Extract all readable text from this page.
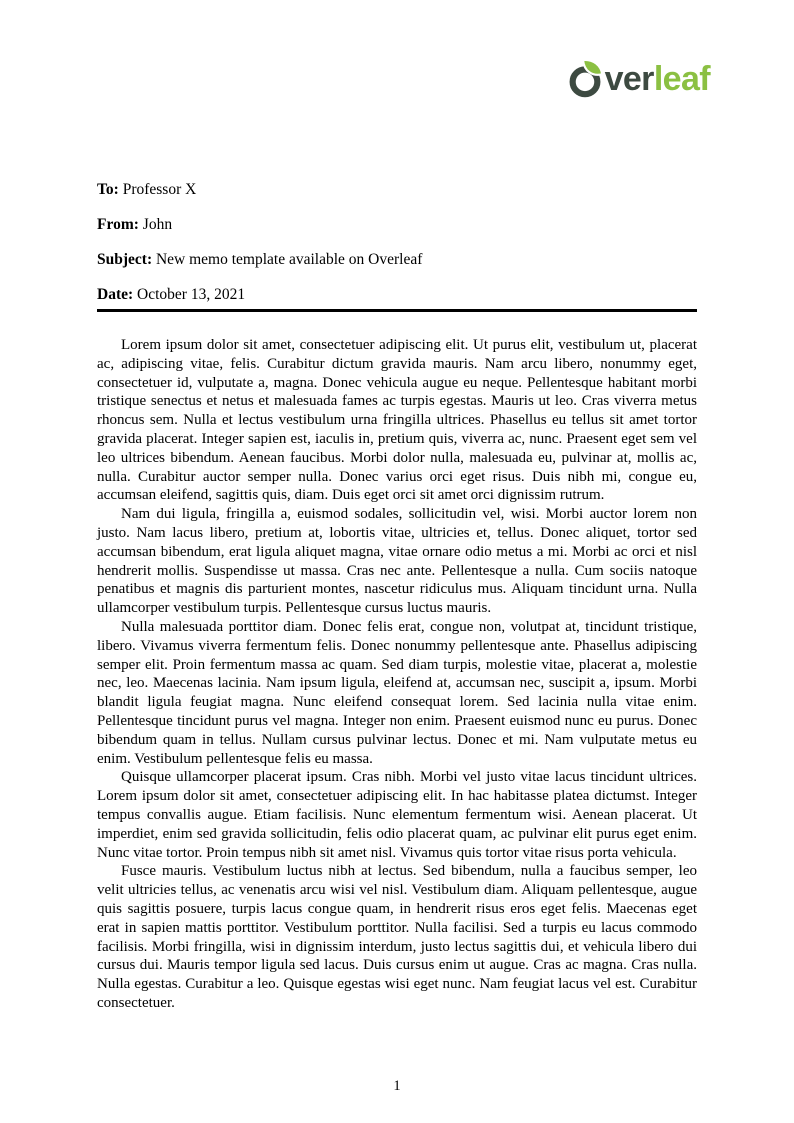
ver leaf

To: Professor X

From: John

Subject: New memo template available on Overleaf

Date: October 13, 2021

Lorem ipsum dolor sit amet, consectetuer adipiscing elit. Ut purus elit, vestibulum ut, placerat ac, adipiscing vitae, felis. Curabitur dictum gravida mauris. Nam arcu libero, nonummy eget, consectetuer id, vulputate a, magna. Donec vehicula augue eu neque. Pellentesque habitant morbi tristique senectus et netus et malesuada fames ac turpis egestas. Mauris ut leo. Cras viverra metus rhoncus sem. Nulla et lectus vestibulum urna fringilla ultrices. Phasellus eu tellus sit amet tortor gravida placerat. Integer sapien est, iaculis in, pretium quis, viverra ac, nunc. Praesent eget sem vel leo ultrices bibendum. Aenean faucibus. Morbi dolor nulla, malesuada eu, pulvinar at, mollis ac, nulla. Curabitur auctor semper nulla. Donec varius orci eget risus. Duis nibh mi, congue eu, accumsan eleifend, sagittis quis, diam. Duis eget orci sit amet orci dignissim rutrum.

Nam dui ligula, fringilla a, euismod sodales, sollicitudin vel, wisi. Morbi auctor lorem non justo. Nam lacus libero, pretium at, lobortis vitae, ultricies et, tellus. Donec aliquet, tortor sed accumsan bibendum, erat ligula aliquet magna, vitae ornare odio metus a mi. Morbi ac orci et nisl hendrerit mollis. Suspendisse ut massa. Cras nec ante. Pellentesque a nulla. Cum sociis natoque penatibus et magnis dis parturient montes, nascetur ridiculus mus. Aliquam tincidunt urna. Nulla ullamcorper vestibulum turpis. Pellentesque cursus luctus mauris.

Nulla malesuada porttitor diam. Donec felis erat, congue non, volutpat at, tincidunt tristique, libero. Vivamus viverra fermentum felis. Donec nonummy pellentesque ante. Phasellus adipiscing semper elit. Proin fermentum massa ac quam. Sed diam turpis, molestie vitae, placerat a, molestie nec, leo. Maecenas lacinia. Nam ipsum ligula, eleifend at, accumsan nec, suscipit a, ipsum. Morbi blandit ligula feugiat magna. Nunc eleifend consequat lorem. Sed lacinia nulla vitae enim. Pellentesque tincidunt purus vel magna. Integer non enim. Praesent euismod nunc eu purus. Donec bibendum quam in tellus. Nullam cursus pulvinar lectus. Donec et mi. Nam vulputate metus eu enim. Vestibulum pellentesque felis eu massa.

Quisque ullamcorper placerat ipsum. Cras nibh. Morbi vel justo vitae lacus tincidunt ultrices. Lorem ipsum dolor sit amet, consectetuer adipiscing elit. In hac habitasse platea dictumst. Integer tempus convallis augue. Etiam facilisis. Nunc elementum fermentum wisi. Aenean placerat. Ut imperdiet, enim sed gravida sollicitudin, felis odio placerat quam, ac pulvinar elit purus eget enim. Nunc vitae tortor. Proin tempus nibh sit amet nisl. Vivamus quis tortor vitae risus porta vehicula.

Fusce mauris. Vestibulum luctus nibh at lectus. Sed bibendum, nulla a faucibus semper, leo velit ultricies tellus, ac venenatis arcu wisi vel nisl. Vestibulum diam. Aliquam pellentesque, augue quis sagittis posuere, turpis lacus congue quam, in hendrerit risus eros eget felis. Maecenas eget erat in sapien mattis porttitor. Vestibulum porttitor. Nulla facilisi. Sed a turpis eu lacus commodo facilisis. Morbi fringilla, wisi in dignissim interdum, justo lectus sagittis dui, et vehicula libero dui cursus dui. Mauris tempor ligula sed lacus. Duis cursus enim ut augue. Cras ac magna. Cras nulla. Nulla egestas. Curabitur a leo. Quisque egestas wisi eget nunc. Nam feugiat lacus vel est. Curabitur consectetuer.

1
